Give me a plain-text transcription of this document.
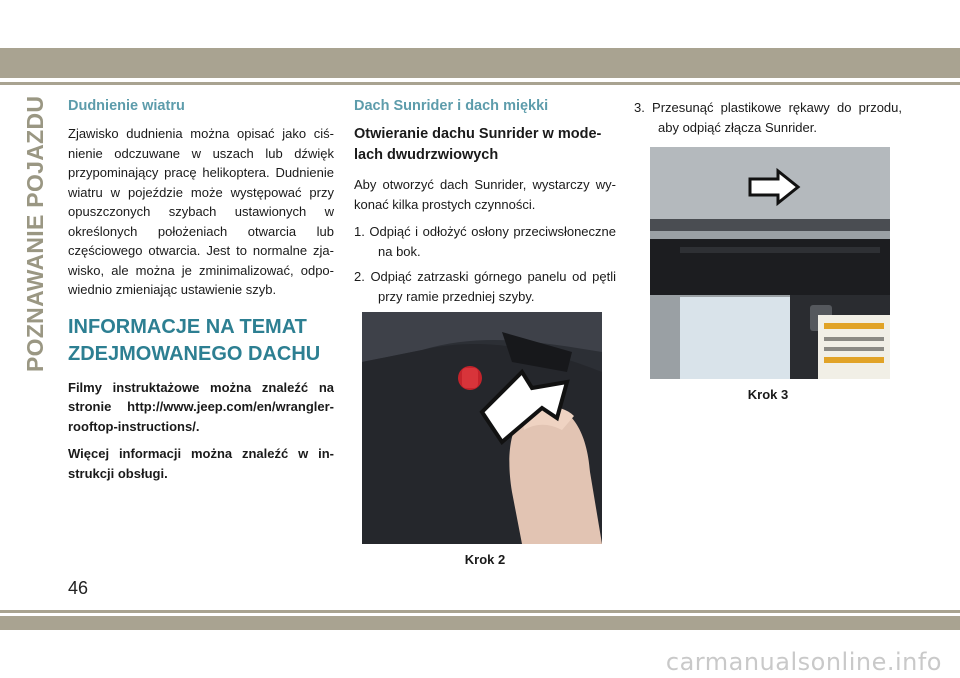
POZNAWANIE POJAZDU Dudnienie wiatru

Zjawisko dudnienia można opisać jako ciśnienie odczuwane w uszach lub dźwięk przypominający pracę helikoptera. Dudnienie wiatru w pojeździe może występować przy opuszczonych szybach ustawionych w określonych położeniach otwarcia lub częściowego otwarcia. Jest to normalne zjawisko, ale można je zminimalizować, odpowiednio zmieniając ustawienie szyb.

INFORMACJE NA TEMAT ZDEJMOWANEGO DACHU

Filmy instruktażowe można znaleźć na stronie http://www.jeep.com/en/wrangler-rooftop-instructions/.

Więcej informacji można znaleźć w instrukcji obsługi.

Dach Sunrider i dach miękki
Otwieranie dachu Sunrider w modelach dwudrzwiowych

Aby otworzyć dach Sunrider, wystarczy wykonać kilka prostych czynności.

1. Odpiąć i odłożyć osłony przeciwsłoneczne na bok.
2. Odpiąć zatrzaski górnego panelu od pętli przy ramie przedniej szyby.
Krok 2
3. Przesunąć plastikowe rękawy do przodu, aby odpiąć złącza Sunrider.
Krok 3
46
carmanualsonline.info
